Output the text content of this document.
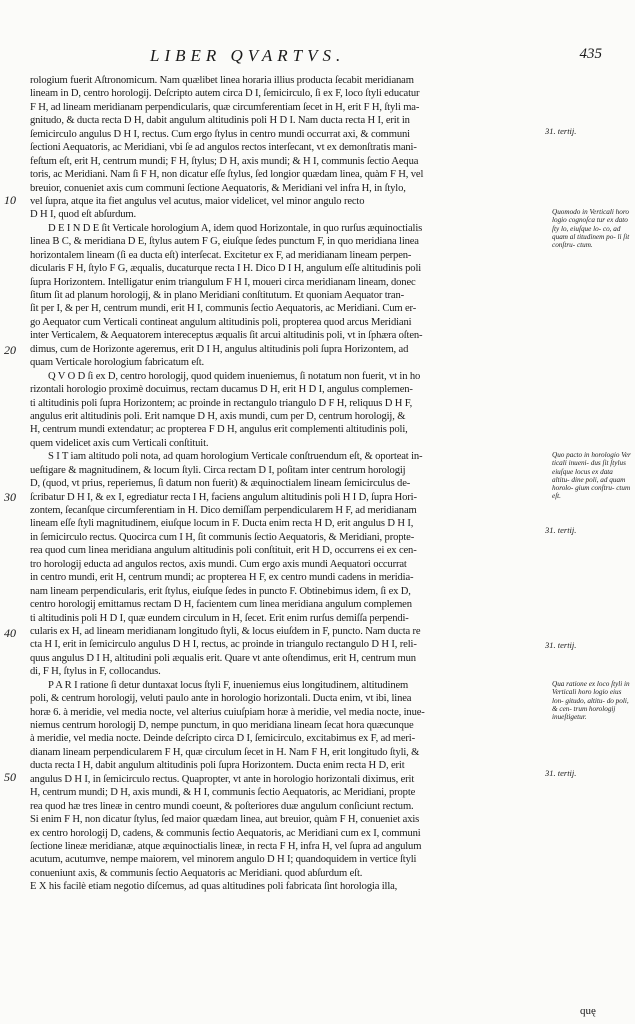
LIBER QVARTVS.	435
rologium fuerit Aſtronomicum. Nam quælibet linea horaria illius producta ſecabit meridianam
lineam in D, centro horologij. Deſcripto autem circa D I, ſemicirculo, ſi ex F, loco ſtyli educatur
F H, ad lineam meridianam perpendicularis, quæ circumferentiam ſecet in H, erit F H, ſtyli ma-
gnitudo, & ducta recta D H, dabit angulum altitudinis poli H D I. Nam ducta recta H I, erit in
ſemicirculo angulus D H I, rectus. Cum ergo ſtylus in centro mundi occurrat axi, & communi
ſectioni Aequatoris, ac Meridiani, vbi ſe ad angulos rectos interſecant, vt ex demonſtratis mani-
feſtum eſt, erit H, centrum mundi; F H, ſtylus; D H, axis mundi; & H I, communis ſectio Aequa
toris, ac Meridiani. Nam ſi F H, non dicatur eſſe ſtylus, ſed longior quædam linea, quàm F H, vel
breuior, conueniet axis cum communi ſectione Aequatoris, & Meridiani vel infra H, in ſtylo,
vel ſupra, atque ita fiet angulus vel acutus, maior videlicet, vel minor angulo recto
D H I, quod eſt abſurdum.
D E I N D E ſit Verticale horologium A, idem quod Horizontale, in quo rurſus æquinoctialis
linea B C, & meridiana D E, ſtylus autem F G, eiuſque ſedes punctum F, in quo meridiana linea
horizontalem lineam (ſi ea ducta eſt) interſecat. Excitetur ex F, ad meridianam lineam perpen-
dicularis F H, ſtylo F G, æqualis, ducaturque recta I H. Dico D I H, angulum eſſe altitudinis poli
ſupra Horizontem. Intelligatur enim triangulum F H I, moueri circa meridianam lineam, donec
ſitum ſit ad planum horologij, & in plano Meridiani conſtitutum. Et quoniam Aequator tran-
ſit per I, & per H, centrum mundi, erit H I, communis ſectio Aequatoris, ac Meridiani. Cum er-
go Aequator cum Verticali contineat angulum altitudinis poli, propterea quod arcus Meridiani
inter Verticalem, & Aequatorem intereceptus æqualis ſit arcui altitudinis poli, vt in ſphæra oſten-
dimus, cum de Horizonte ageremus, erit D I H, angulus altitudinis poli ſupra Horizontem, ad
quam Verticale horologium fabricatum eſt.
Q V O D ſi ex D, centro horologij, quod quidem inueniemus, ſi notatum non fuerit, vt in ho
rizontali horologio proximè docuimus, rectam ducamus D H, erit H D I, angulus complemen-
ti altitudinis poli ſupra Horizontem; ac proinde in rectangulo triangulo D F H, reliquus D H F,
angulus erit altitudinis poli. Erit namque D H, axis mundi, cum per D, centrum horologij, &
H, centrum mundi extendatur; ac propterea F D H, angulus erit complementi altitudinis poli,
quem videlicet axis cum Verticali conſtituit.
S I T iam altitudo poli nota, ad quam horologium Verticale conſtruendum eſt, & oporteat in-
ueſtigare & magnitudinem, & locum ſtyli. Circa rectam D I, poſitam inter centrum horologij
D, (quod, vt prius, reperiemus, ſi datum non fuerit) & æquinoctialem lineam ſemicirculus de-
ſcribatur D H I, & ex I, egrediatur recta I H, faciens angulum altitudinis poli H I D, ſupra Hori-
zontem, ſecanſque circumferentiam in H. Dico demiſſam perpendicularem H F, ad meridianam
lineam eſſe ſtyli magnitudinem, eiuſque locum in F. Ducta enim recta H D, erit angulus D H I,
in ſemicirculo rectus. Quocirca cum I H, ſit communis ſectio Aequatoris, & Meridiani, propte-
rea quod cum linea meridiana angulum altitudinis poli conſtituit, erit H D, occurrens ei ex cen-
tro horologij educta ad angulos rectos, axis mundi. Cum ergo axis mundi Aequatori occurrat
in centro mundi, erit H, centrum mundi; ac propterea H F, ex centro mundi cadens in meridia-
nam lineam perpendicularis, erit ſtylus, eiuſque ſedes in puncto F. Obtinebimus idem, ſi ex D,
centro horologij emittamus rectam D H, facientem cum linea meridiana angulum complemen
ti altitudinis poli H D I, quæ eundem circulum in H, ſecet. Erit enim rurſus demiſſa perpendi-
cularis ex H, ad lineam meridianam longitudo ſtyli, & locus eiuſdem in F, puncto. Nam ducta re
cta H I, erit in ſemicirculo angulus D H I, rectus, ac proinde in triangulo rectangulo D H I, reli-
quus angulus D I H, altitudini poli æqualis erit. Quare vt ante oſtendimus, erit H, centrum mun
di, F H, ſtylus in F, collocandus.
P A R I ratione ſi detur duntaxat locus ſtyli F, inueniemus eius longitudinem, altitudinem
poli, & centrum horologij, veluti paulo ante in horologio horizontali. Ducta enim, vt ibi, linea
horæ 6. à meridie, vel media nocte, vel alterius cuiuſpiam horæ à meridie, vel media nocte, inue-
niemus centrum horologij D, nempe punctum, in quo meridiana lineam ſecat hora quæcunque
à meridie, vel media nocte. Deinde deſcripto circa D I, ſemicirculo, excitabimus ex F, ad meri-
dianam lineam perpendicularem F H, quæ circulum ſecet in H. Nam F H, erit longitudo ſtyli, &
ducta recta I H, dabit angulum altitudinis poli ſupra Horizontem. Ducta enim recta H D, erit
angulus D H I, in ſemicirculo rectus. Quapropter, vt ante in horologio horizontali diximus, erit
H, centrum mundi; D H, axis mundi, & H I, communis ſectio Aequatoris, ac Meridiani, propte
rea quod hæ tres lineæ in centro mundi coeunt, & poſteriores duæ angulum conſiciunt rectum.
Si enim F H, non dicatur ſtylus, ſed maior quædam linea, aut breuior, quàm F H, conueniet axis
ex centro horologij D, cadens, & communis ſectio Aequatoris, ac Meridiani cum ex I, communi
ſectione lineæ meridianæ, atque æquinoctialis lineæ, in recta F H, infra H, vel ſupra ad angulum
acutum, acutumve, nempe maiorem, vel minorem angulo D H I; quandoquidem in vertice ſtyli
conueniunt axis, & communis ſectio Aequatoris ac Meridiani. quod abſurdum eſt.
E X his facilè etiam negotio diſcemus, ad quas altitudines poli fabricata ſint horologia illa,
10
20
30
40
50
31. tertij.
Quomodo in Verticali horo logio cognoſca tur ex dato ſty lo, eiuſque lo- co, ad quam al titudinem po- li ſit conſtru- ctum.
Quo pacto in horologio Ver ticali inueni- dus ſit ſtylus eiuſque locus ex data altitu- dine poli, ad quam horolo- gium conſtru- ctum eſt.
31. tertij.
31. tertij.
Qua ratione ex loco ſtyli in Verticali horo logio eius lon- gitudo, altitu- do poli, & cen- trum horologij inueſtigetur.
31. tertij.
quę
